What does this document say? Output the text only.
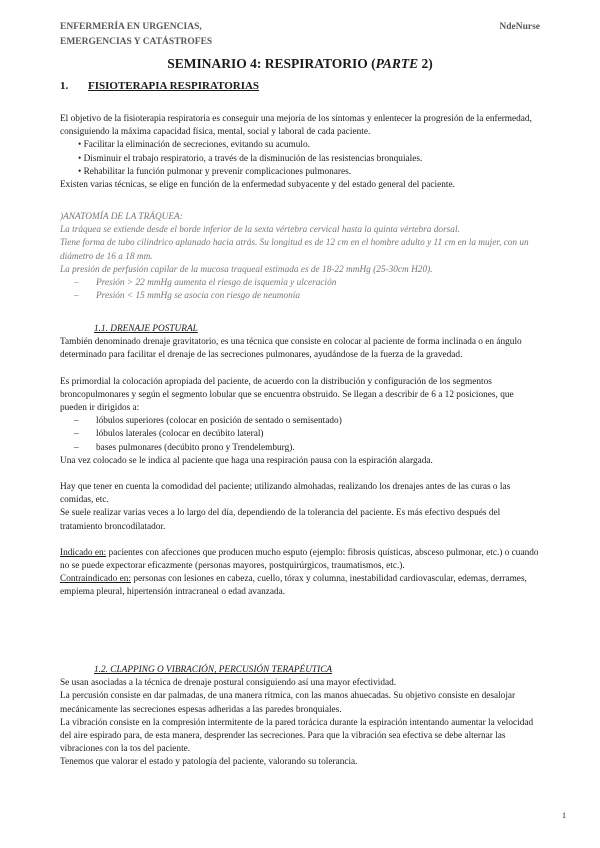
ENFERMERÍA EN URGENCIAS,
EMERGENCIAS Y CATÁSTROFES
NdeNurse
SEMINARIO 4: RESPIRATORIO (PARTE 2)
1. FISIOTERAPIA RESPIRATORIAS

El objetivo de la fisioterapia respiratoria es conseguir una mejoría de los síntomas y enlentecer la progresión de la enfermedad, consiguiendo la máxima capacidad física, mental, social y laboral de cada paciente.

• Facilitar la eliminación de secreciones, evitando su acumulo.

• Disminuir el trabajo respiratorio, a través de la disminución de las resistencias bronquiales.

• Rehabilitar la función pulmonar y prevenir complicaciones pulmonares.

Existen varias técnicas, se elige en función de la enfermedad subyacente y del estado general del paciente.

)ANATOMÍA DE LA TRÁQUEA:

La tráquea se extiende desde el borde inferior de la sexta vértebra cervical hasta la quinta vértebra dorsal.

Tiene forma de tubo cilíndrico aplanado hacia atrás. Su longitud es de 12 cm en el hombre adulto y 11 cm en la mujer, con un diámetro de 16 a 18 mm.

La presión de perfusión capilar de la mucosa traqueal estimada es de 18-22 mmHg (25-30cm H20).

– Presión > 22 mmHg aumenta el riesgo de isquemia y ulceración

– Presión < 15 mmHg se asocia con riesgo de neumonía

1.1. DRENAJE POSTURAL

También denominado drenaje gravitatorio, es una técnica que consiste en colocar al paciente de forma inclinada o en ángulo determinado para facilitar el drenaje de las secreciones pulmonares, ayudándose de la fuerza de la gravedad.

Es primordial la colocación apropiada del paciente, de acuerdo con la distribución y configuración de los segmentos broncopulmonares y según el segmento lobular que se encuentra obstruido. Se llegan a describir de 6 a 12 posiciones, que pueden ir dirigidos a:

– lóbulos superiores (colocar en posición de sentado o semisentado)

– lóbulos laterales (colocar en decúbito lateral)

– bases pulmonares (decúbito prono y Trendelemburg).

Una vez colocado se le indica al paciente que haga una respiración pausa con la espiración alargada.

Hay que tener en cuenta la comodidad del paciente; utilizando almohadas, realizando los drenajes antes de las curas o las comidas, etc.

Se suele realizar varias veces a lo largo del día, dependiendo de la tolerancia del paciente. Es más efectivo después del tratamiento broncodilatador.

Indicado en: pacientes con afecciones que producen mucho esputo (ejemplo: fibrosis quísticas, absceso pulmonar, etc.) o cuando no se puede expectorar eficazmente (personas mayores, postquirúrgicos, traumatismos, etc.).

Contraindicado en: personas con lesiones en cabeza, cuello, tórax y columna, inestabilidad cardiovascular, edemas, derrames, empiema pleural, hipertensión intracraneal o edad avanzada.

1.2. CLAPPING O VIBRACIÓN, PERCUSIÓN TERAPÉUTICA

Se usan asociadas a la técnica de drenaje postural consiguiendo así una mayor efectividad.

La percusión consiste en dar palmadas, de una manera rítmica, con las manos ahuecadas. Su objetivo consiste en desalojar mecánicamente las secreciones espesas adheridas a las paredes bronquiales.

La vibración consiste en la compresión intermitente de la pared torácica durante la espiración intentando aumentar la velocidad del aire espirado para, de esta manera, desprender las secreciones. Para que la vibración sea efectiva se debe alternar las vibraciones con la tos del paciente.

Tenemos que valorar el estado y patología del paciente, valorando su tolerancia.

1
